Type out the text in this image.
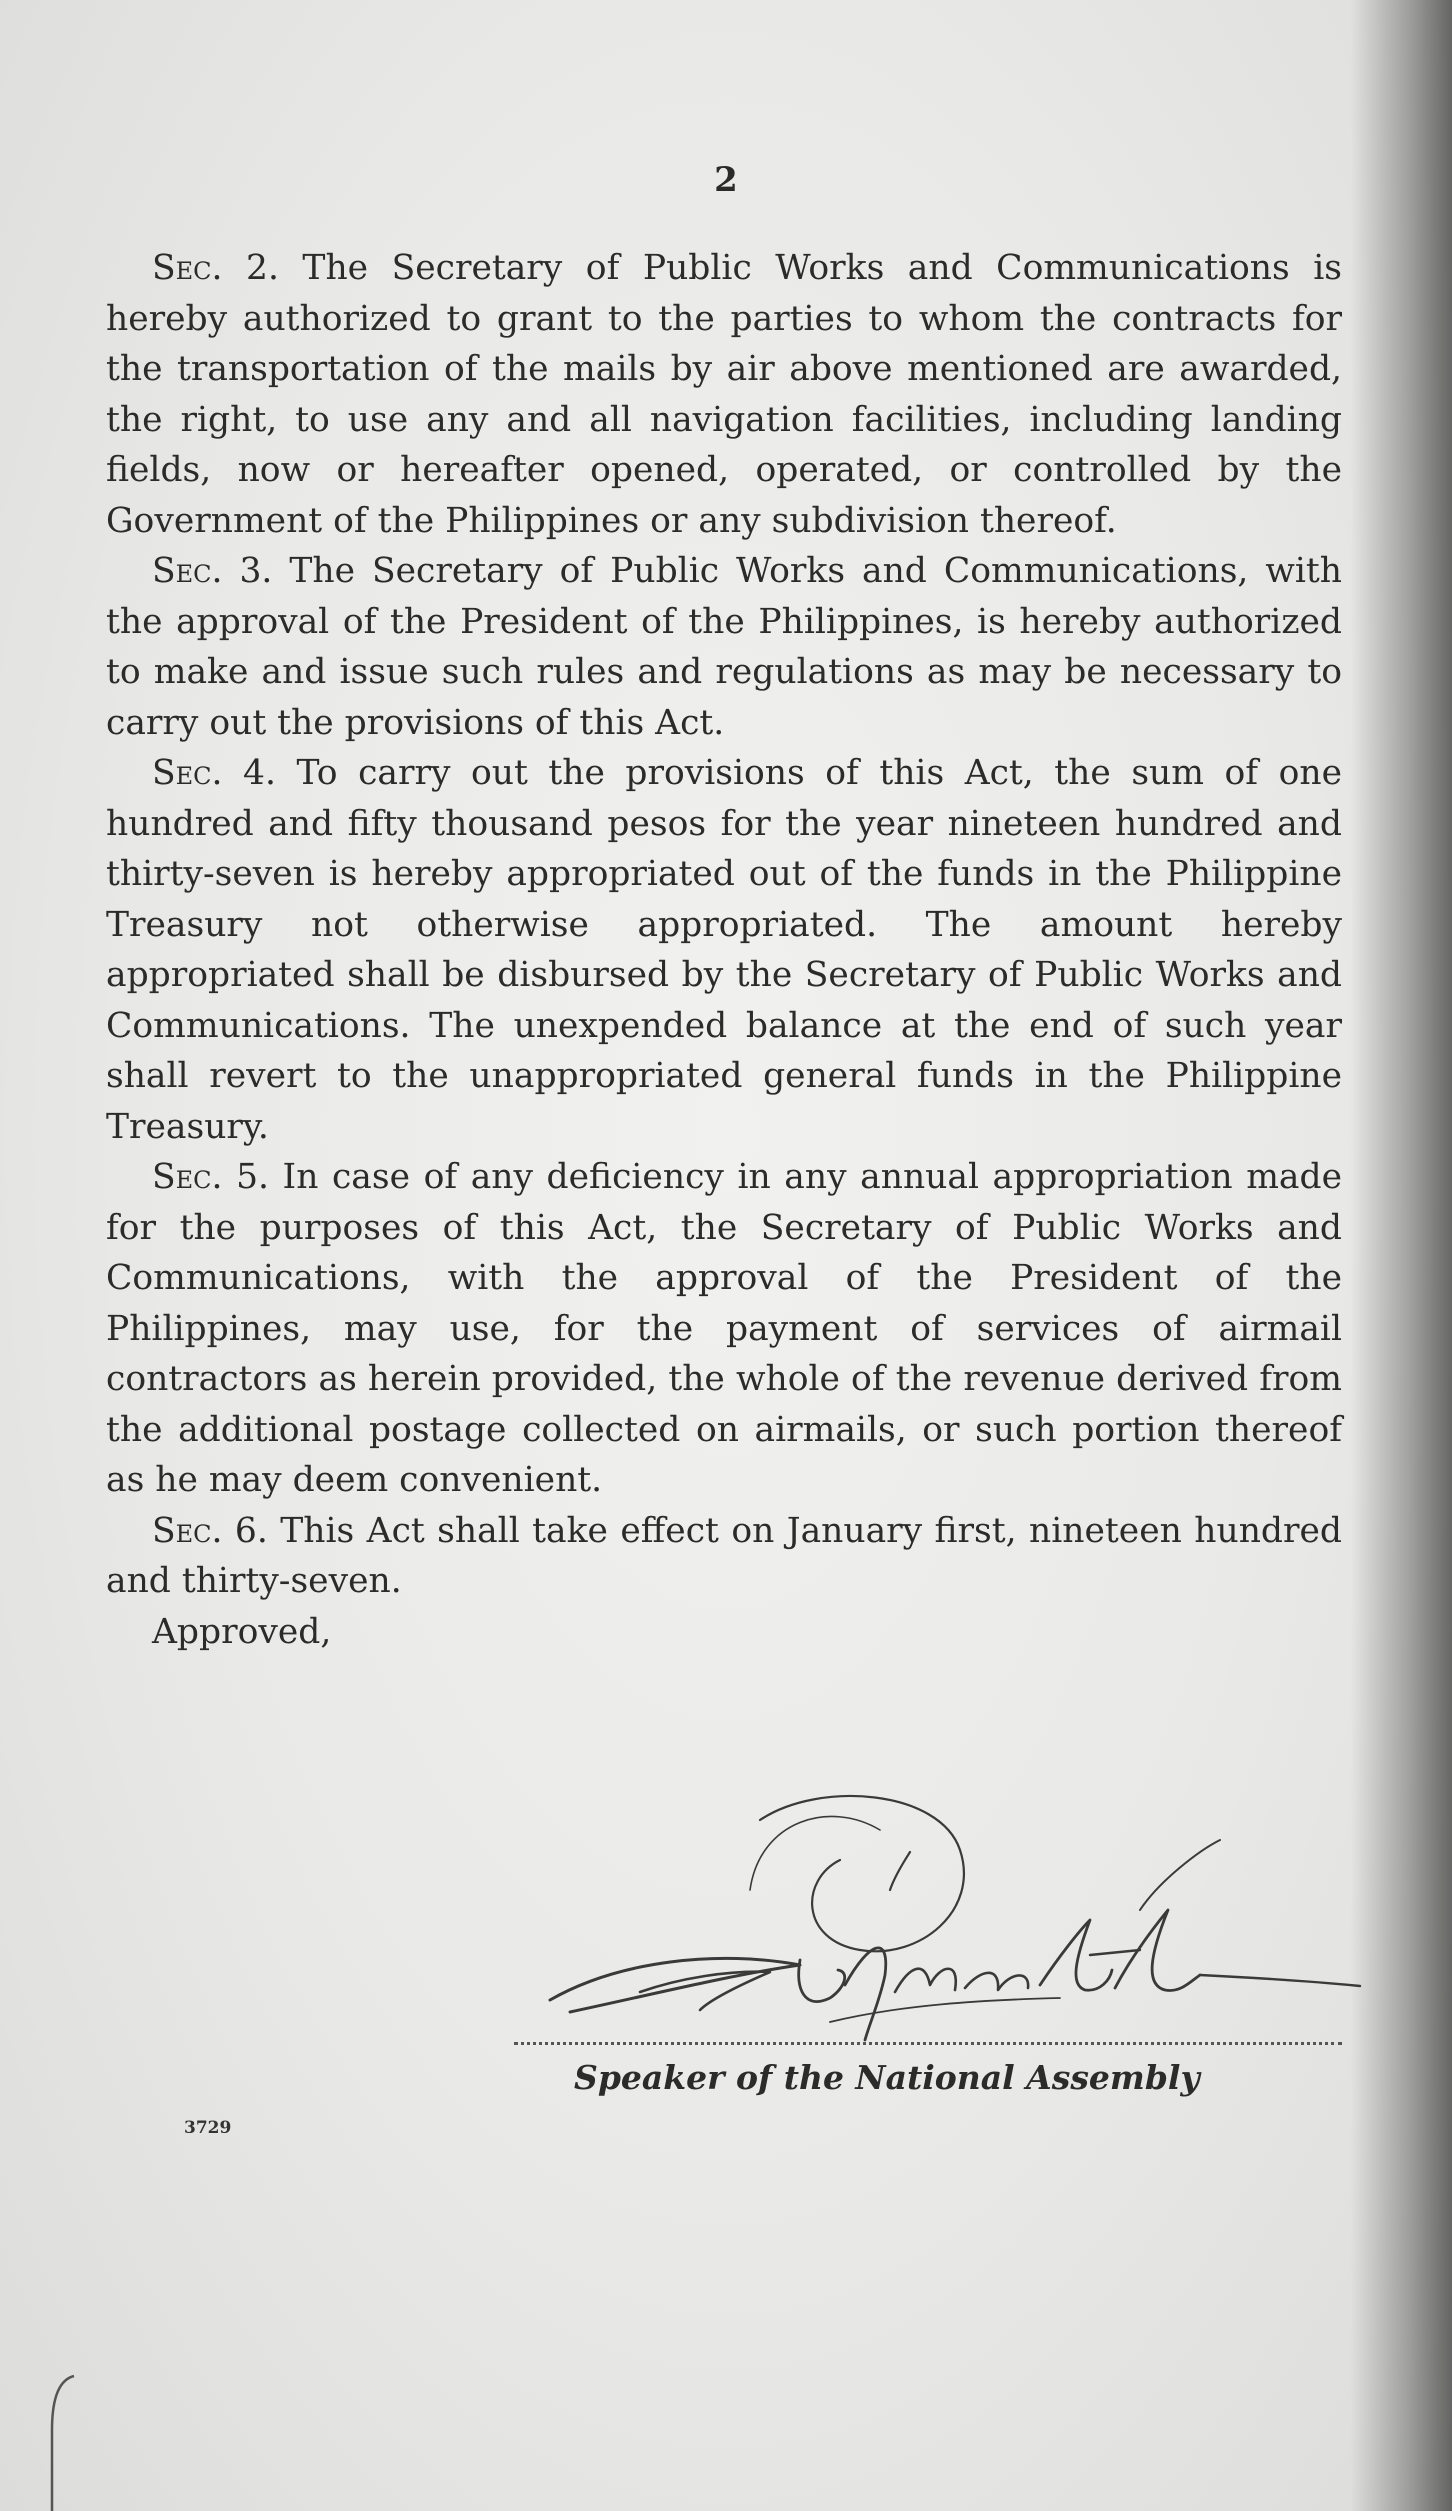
2

Sec. 2. The Secretary of Public Works and Communications is hereby authorized to grant to the parties to whom the contracts for the transportation of the mails by air above mentioned are awarded, the right, to use any and all navigation facilities, including landing fields, now or hereafter opened, operated, or controlled by the Government of the Philippines or any subdivision thereof.

Sec. 3. The Secretary of Public Works and Communications, with the approval of the President of the Philippines, is hereby authorized to make and issue such rules and regulations as may be necessary to carry out the provisions of this Act.

Sec. 4. To carry out the provisions of this Act, the sum of one hundred and fifty thousand pesos for the year nineteen hundred and thirty-seven is hereby appropriated out of the funds in the Philippine Treasury not otherwise appropriated. The amount hereby appropriated shall be disbursed by the Secretary of Public Works and Communications. The unexpended balance at the end of such year shall revert to the unappropriated general funds in the Philippine Treasury.

Sec. 5. In case of any deficiency in any annual appropriation made for the purposes of this Act, the Secretary of Public Works and Communications, with the approval of the President of the Philippines, may use, for the payment of services of airmail contractors as herein provided, the whole of the revenue derived from the additional postage collected on airmails, or such portion thereof as he may deem convenient.

Sec. 6. This Act shall take effect on January first, nineteen hundred and thirty-seven.

Approved,

Speaker of the National Assembly
3729
